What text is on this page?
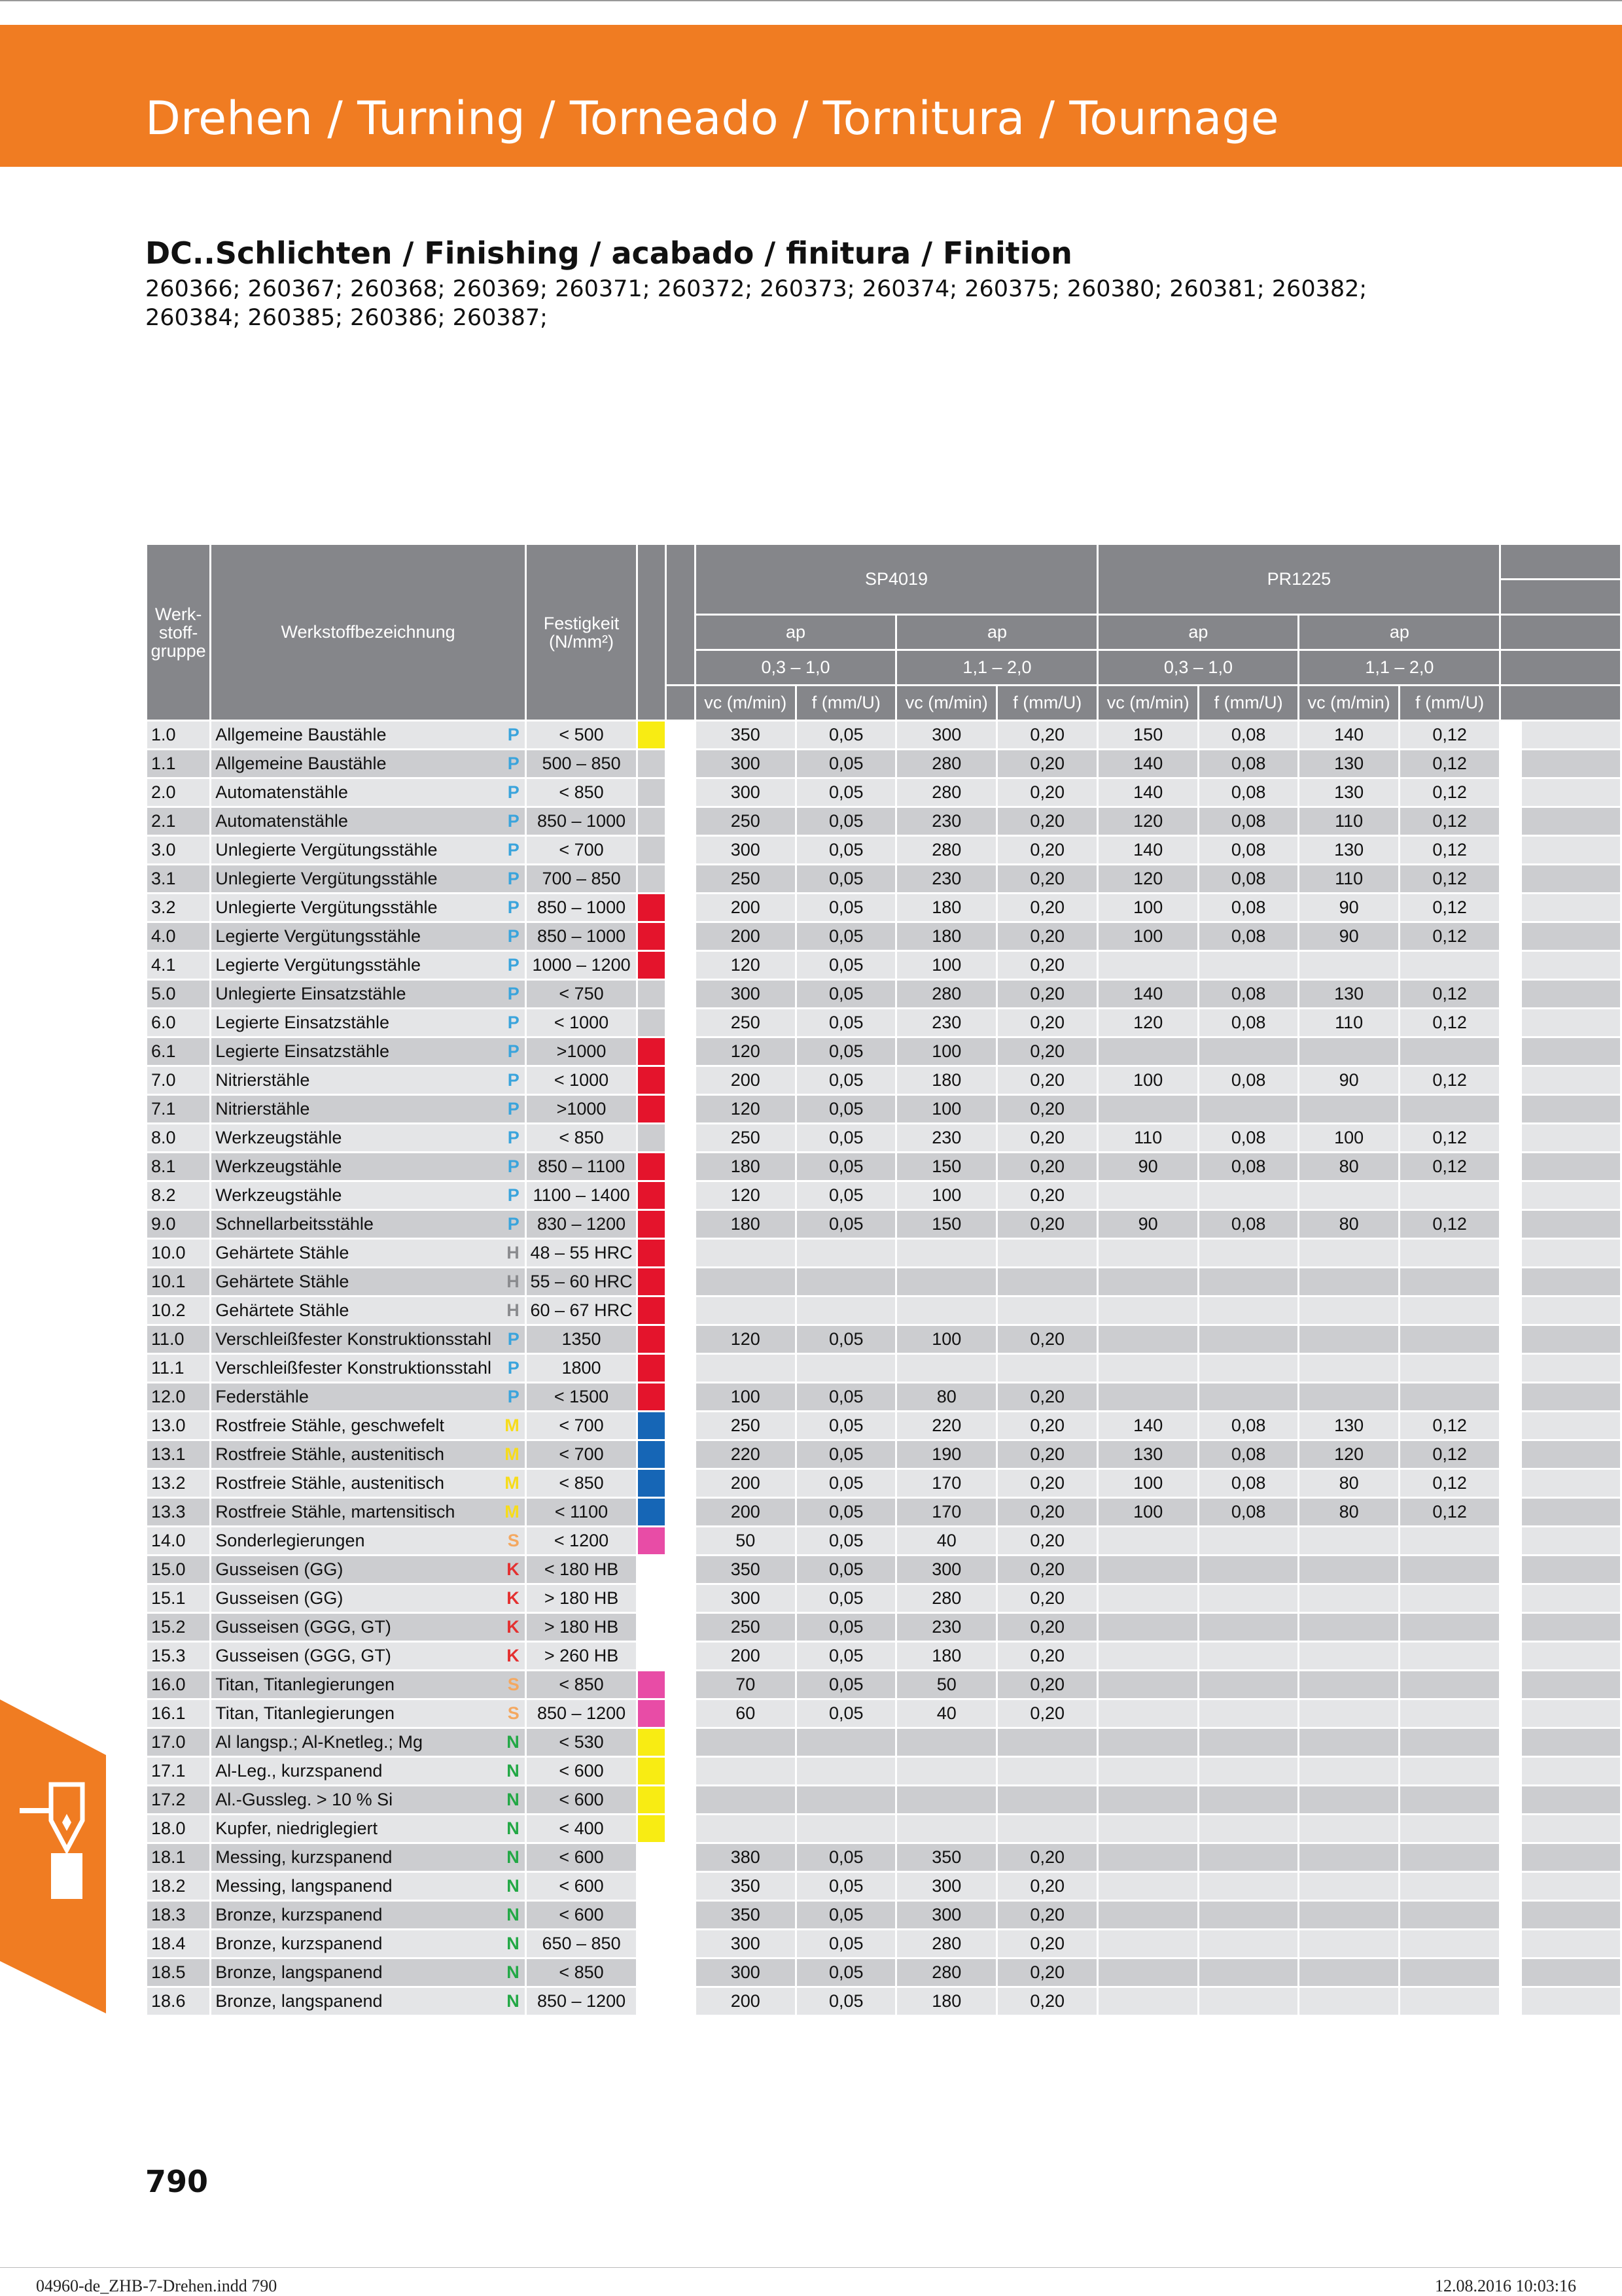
Drehen / Turning / Torneado / Tornitura / Tournage
DC..Schlichten / Finishing / acabado / finitura / Finition
260366; 260367; 260368; 260369; 260371; 260372; 260373; 260374; 260375; 260380; 260381; 260382; 260384; 260385; 260386; 260387;
Werk-
stoff-
gruppe	Werkstoffbezeichnung	Festigkeit
(N/mm²)			SP4019				PR1225					

					ap		ap		ap		ap			
					0,3 – 1,0		1,1 – 2,0		0,3 – 1,0		1,1 – 2,0			
					vc (m/min)	f (mm/U)	vc (m/min)	f (mm/U)	vc (m/min)	f (mm/U)	vc (m/min)	f (mm/U)		
1.0	Allgemeine Baustähle P	< 500			350	0,05	300	0,20	150	0,08	140	0,12		
1.1	Allgemeine Baustähle P	500 – 850			300	0,05	280	0,20	140	0,08	130	0,12		
2.0	Automatenstähle P	< 850			300	0,05	280	0,20	140	0,08	130	0,12		
2.1	Automatenstähle P	850 – 1000			250	0,05	230	0,20	120	0,08	110	0,12		
3.0	Unlegierte Vergütungsstähle P	< 700			300	0,05	280	0,20	140	0,08	130	0,12		
3.1	Unlegierte Vergütungsstähle P	700 – 850			250	0,05	230	0,20	120	0,08	110	0,12		
3.2	Unlegierte Vergütungsstähle P	850 – 1000			200	0,05	180	0,20	100	0,08	90	0,12		
4.0	Legierte Vergütungsstähle P	850 – 1000			200	0,05	180	0,20	100	0,08	90	0,12		
4.1	Legierte Vergütungsstähle P	1000 – 1200			120	0,05	100	0,20						
5.0	Unlegierte Einsatzstähle P	< 750			300	0,05	280	0,20	140	0,08	130	0,12		
6.0	Legierte Einsatzstähle P	< 1000			250	0,05	230	0,20	120	0,08	110	0,12		
6.1	Legierte Einsatzstähle P	>1000			120	0,05	100	0,20						
7.0	Nitrierstähle P	< 1000			200	0,05	180	0,20	100	0,08	90	0,12		
7.1	Nitrierstähle P	>1000			120	0,05	100	0,20						
8.0	Werkzeugstähle P	< 850			250	0,05	230	0,20	110	0,08	100	0,12		
8.1	Werkzeugstähle P	850 – 1100			180	0,05	150	0,20	90	0,08	80	0,12		
8.2	Werkzeugstähle P	1100 – 1400			120	0,05	100	0,20						
9.0	Schnellarbeitsstähle P	830 – 1200			180	0,05	150	0,20	90	0,08	80	0,12		
10.0	Gehärtete Stähle H	48 – 55 HRC												
10.1	Gehärtete Stähle H	55 – 60 HRC												
10.2	Gehärtete Stähle H	60 – 67 HRC												
11.0	Verschleißfester Konstruktionsstahl P	1350			120	0,05	100	0,20						
11.1	Verschleißfester Konstruktionsstahl P	1800												
12.0	Federstähle P	< 1500			100	0,05	80	0,20						
13.0	Rostfreie Stähle, geschwefelt M	< 700			250	0,05	220	0,20	140	0,08	130	0,12		
13.1	Rostfreie Stähle, austenitisch M	< 700			220	0,05	190	0,20	130	0,08	120	0,12		
13.2	Rostfreie Stähle, austenitisch M	< 850			200	0,05	170	0,20	100	0,08	80	0,12		
13.3	Rostfreie Stähle, martensitisch M	< 1100			200	0,05	170	0,20	100	0,08	80	0,12		
14.0	Sonderlegierungen S	< 1200			50	0,05	40	0,20						
15.0	Gusseisen (GG) K	< 180 HB			350	0,05	300	0,20						
15.1	Gusseisen (GG) K	> 180 HB			300	0,05	280	0,20						
15.2	Gusseisen (GGG, GT) K	> 180 HB			250	0,05	230	0,20						
15.3	Gusseisen (GGG, GT) K	> 260 HB			200	0,05	180	0,20						
16.0	Titan, Titanlegierungen S	< 850			70	0,05	50	0,20						
16.1	Titan, Titanlegierungen S	850 – 1200			60	0,05	40	0,20						
17.0	Al langsp.; Al-Knetleg.; Mg N	< 530												
17.1	Al-Leg., kurzspanend N	< 600												
17.2	Al.-Gussleg. > 10 % Si N	< 600												
18.0	Kupfer, niedriglegiert N	< 400												
18.1	Messing, kurzspanend N	< 600			380	0,05	350	0,20						
18.2	Messing, langspanend N	< 600			350	0,05	300	0,20						
18.3	Bronze, kurzspanend N	< 600			350	0,05	300	0,20						
18.4	Bronze, kurzspanend N	650 – 850			300	0,05	280	0,20						
18.5	Bronze, langspanend N	< 850			300	0,05	280	0,20						
18.6	Bronze, langspanend N	850 – 1200			200	0,05	180	0,20						
790
04960-de_ZHB-7-Drehen.indd 790	12.08.2016 10:03:16
